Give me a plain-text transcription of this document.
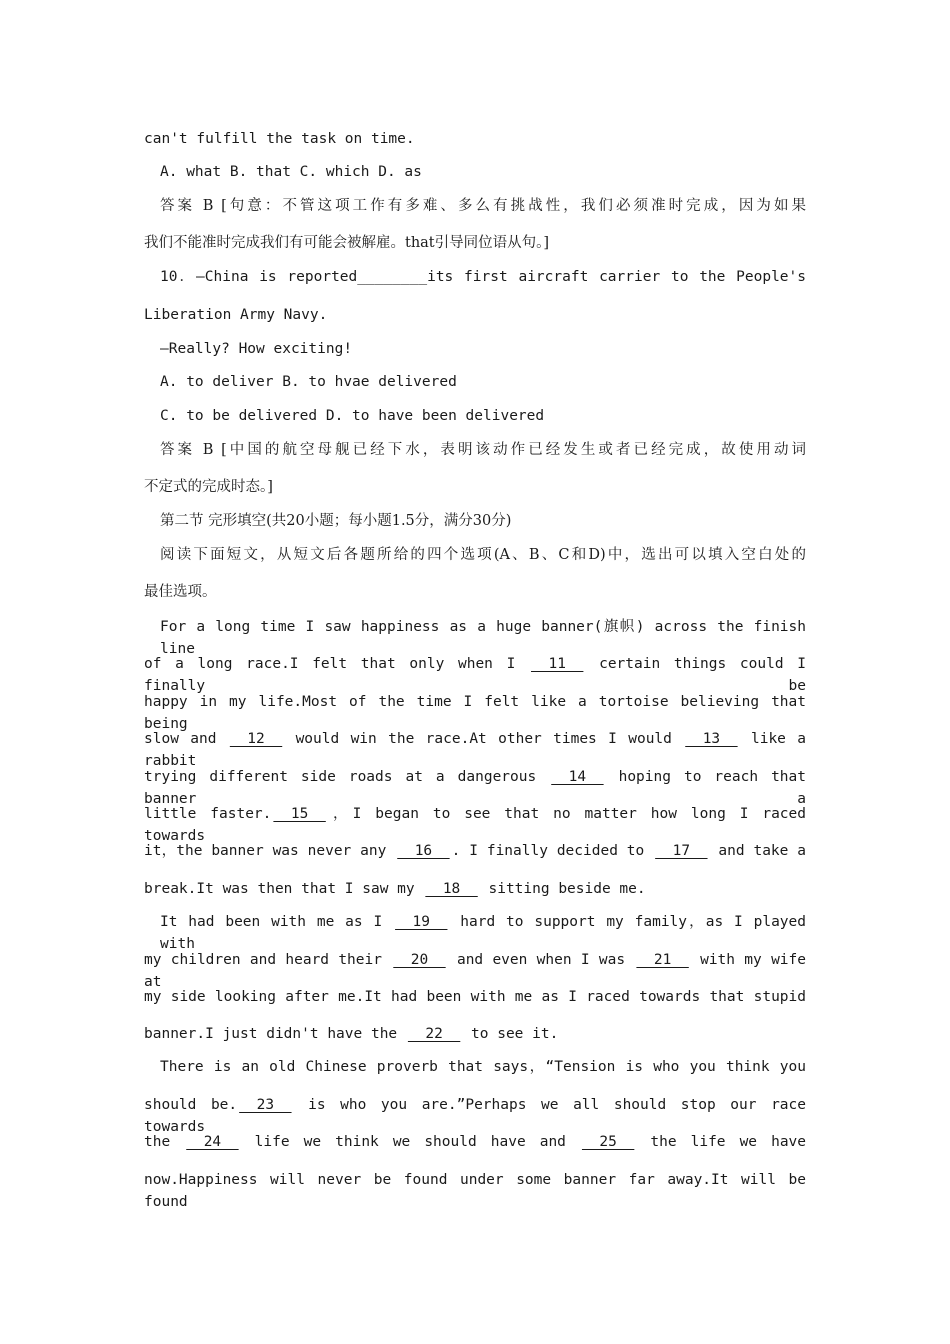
can't fulfill the task on time.
A. what B. that C. which D. as
答案 B [句意：不管这项工作有多难、多么有挑战性，我们必须准时完成，因为如果
我们不能准时完成我们有可能会被解雇。that引导同位语从句。]
10．—China is reported________its first aircraft carrier to the People's
Liberation Army Navy.
—Really? How exciting!
A. to deliver B. to hvae delivered
C. to be delivered D. to have been delivered
答案 B [中国的航空母舰已经下水，表明该动作已经发生或者已经完成，故使用动词
不定式的完成时态。]
第二节 完形填空(共20小题；每小题1.5分，满分30分)
阅读下面短文，从短文后各题所给的四个选项(A、B、C和D)中，选出可以填入空白处的
最佳选项。
For a long time I saw happiness as a huge banner(旗帜) across the finish line
of a long race.I felt that only when I   11   certain things could I finally be
happy in my life.Most of the time I felt like a tortoise believing that being
slow and   12   would win the race.At other times I would   13   like a rabbit
trying different side roads at a dangerous   14   hoping to reach that banner a
little faster.  15  ，I began to see that no matter how long I raced towards
it，the banner was never any   16  . I finally decided to   17   and take a
break.It was then that I saw my   18   sitting beside me.
It had been with me as I   19   hard to support my family，as I played with
my children and heard their   20   and even when I was   21   with my wife at
my side looking after me.It had been with me as I raced towards that stupid
banner.I just didn't have the   22   to see it.
There is an old Chinese proverb that says，“Tension is who you think you
should be.  23   is who you are.”Perhaps we all should stop our race towards
the   24   life we think we should have and   25   the life we have
now.Happiness will never be found under some banner far away.It will be found
